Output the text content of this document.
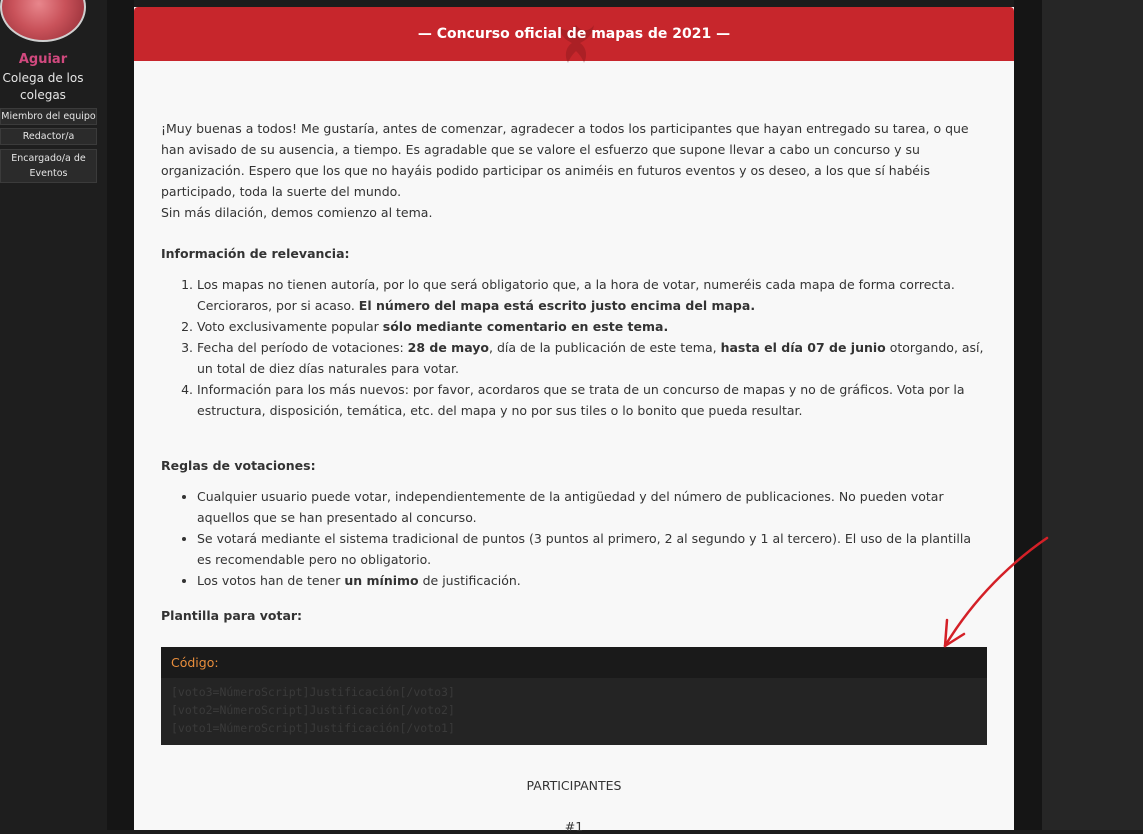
Aguiar
Colega de los colegas
Miembro del equipo
Redactor/a
Encargado/a de Eventos
— Concurso oficial de mapas de 2021 —

¡Muy buenas a todos! Me gustaría, antes de comenzar, agradecer a todos los participantes que hayan entregado su tarea, o que han avisado de su ausencia, a tiempo. Es agradable que se valore el esfuerzo que supone llevar a cabo un concurso y su organización. Espero que los que no hayáis podido participar os animéis en futuros eventos y os deseo, a los que sí habéis participado, toda la suerte del mundo.

Sin más dilación, demos comienzo al tema.

Información de relevancia:

1. Los mapas no tienen autoría, por lo que será obligatorio que, a la hora de votar, numeréis cada mapa de forma correcta. Cercioraros, por si acaso. El número del mapa está escrito justo encima del mapa.
2. Voto exclusivamente popular sólo mediante comentario en este tema.
3. Fecha del período de votaciones: 28 de mayo, día de la publicación de este tema, hasta el día 07 de junio otorgando, así, un total de diez días naturales para votar.
4. Información para los más nuevos: por favor, acordaros que se trata de un concurso de mapas y no de gráficos. Vota por la estructura, disposición, temática, etc. del mapa y no por sus tiles o lo bonito que pueda resultar.

Reglas de votaciones:

• Cualquier usuario puede votar, independientemente de la antigüedad y del número de publicaciones. No pueden votar aquellos que se han presentado al concurso.
• Se votará mediante el sistema tradicional de puntos (3 puntos al primero, 2 al segundo y 1 al tercero). El uso de la plantilla es recomendable pero no obligatorio.
• Los votos han de tener un mínimo de justificación.

Plantilla para votar:

Código:
[voto3=NúmeroScript]Justificación[/voto3]
[voto2=NúmeroScript]Justificación[/voto2]
[voto1=NúmeroScript]Justificación[/voto1]
PARTICIPANTES
#1
